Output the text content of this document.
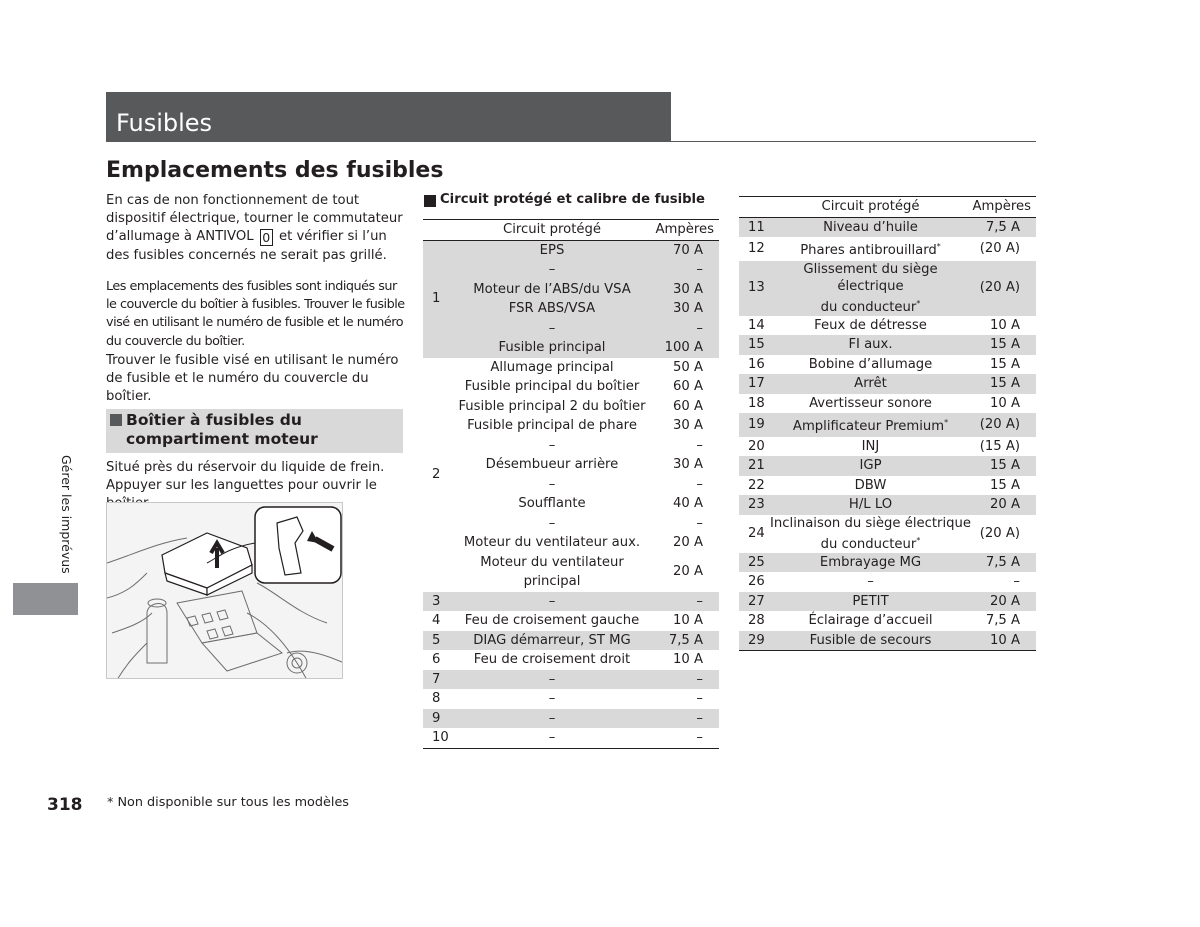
Fusibles
Emplacements des fusibles
En cas de non fonctionnement de tout dispositif électrique, tourner le commutateur d’allumage à ANTIVOL 0 et vérifier si l’un des fusibles concernés ne serait pas grillé.
Les emplacements des fusibles sont indiqués sur le couvercle du boîtier à fusibles. Trouver le fusible visé en utilisant le numéro de fusible et le numéro du couvercle du boîtier.
Trouver le fusible visé en utilisant le numéro de fusible et le numéro du couvercle du boîtier.
Boîtier à fusibles du compartiment moteur
Situé près du réservoir du liquide de frein. Appuyer sur les languettes pour ouvrir le
Gérer les imprévus
Circuit protégé et calibre de fusible
	Circuit protégé	Ampères
1	EPS	70 A
	–	–
	Moteur de l’ABS/du VSA	30 A
	FSR ABS/VSA	30 A
	–	–
	Fusible principal	100 A
2	Allumage principal	50 A
	Fusible principal du boîtier	60 A
	Fusible principal 2 du boîtier	60 A
	Fusible principal de phare	30 A
	–	–
	Désembueur arrière	30 A
	–	–
	Soufflante	40 A
	–	–
	Moteur du ventilateur aux.	20 A
	Moteur du ventilateur principal	20 A
3	–	–
4	Feu de croisement gauche	10 A
5	DIAG démarreur, ST MG	7,5 A
6	Feu de croisement droit	10 A
7	–	–
8	–	–
9	–	–
10	–	–
	Circuit protégé	Ampères
11	Niveau d’huile	7,5 A
12	Phares antibrouillard*	(20 A)
13	Glissement du siège électrique
du conducteur*	(20 A)
14	Feux de détresse	10 A
15	FI aux.	15 A
16	Bobine d’allumage	15 A
17	Arrêt	15 A
18	Avertisseur sonore	10 A
19	Amplificateur Premium*	(20 A)
20	INJ	(15 A)
21	IGP	15 A
22	DBW	15 A
23	H/L LO	20 A
24	Inclinaison du siège électrique
du conducteur*	(20 A)
25	Embrayage MG	7,5 A
26	–	–
27	PETIT	20 A
28	Éclairage d’accueil	7,5 A
29	Fusible de secours	10 A
318 * Non disponible sur tous les modèles
